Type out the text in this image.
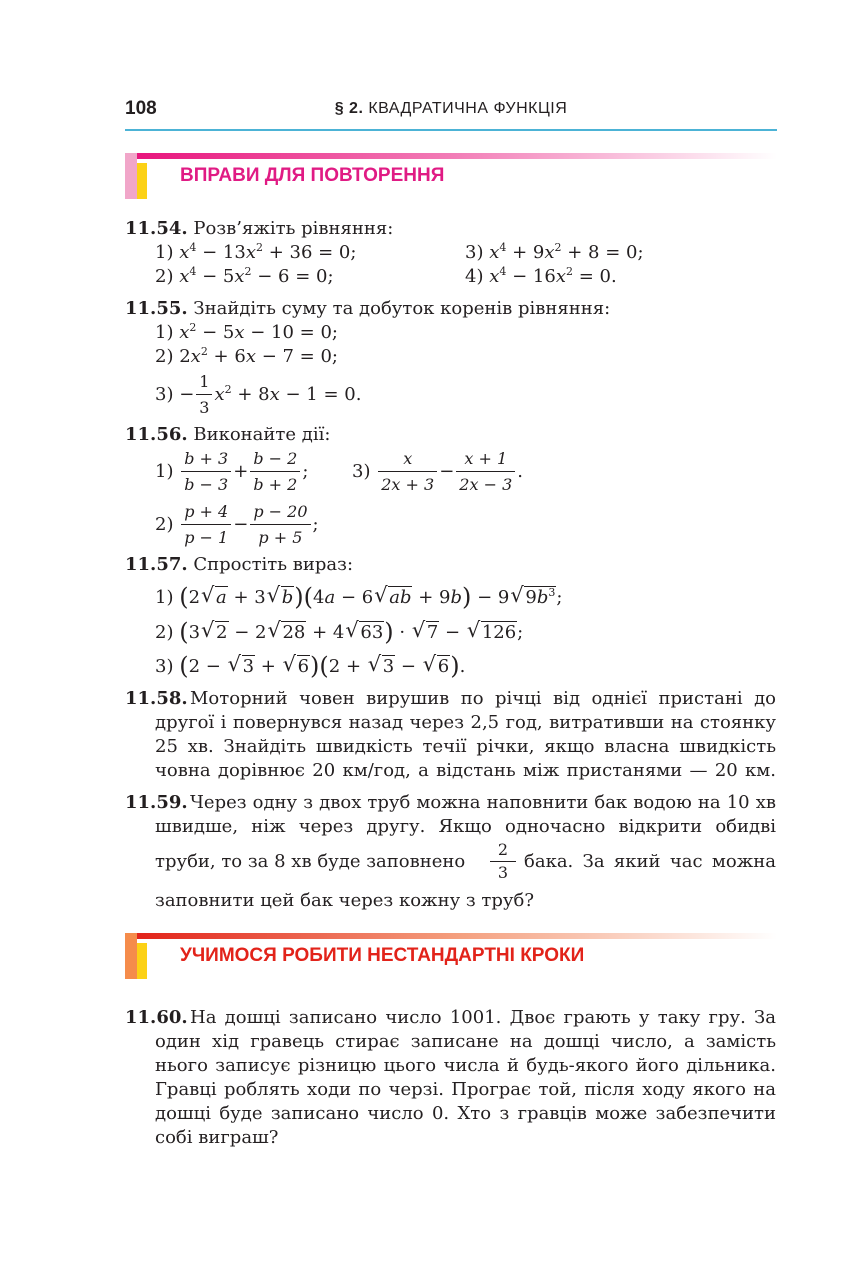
108	§ 2. КВАДРАТИЧНА ФУНКЦІЯ
ВПРАВИ ДЛЯ ПОВТОРЕННЯ
11.54. Розв’яжіть рівняння:
1) $x^4 - 13x^2 + 36 = 0$;	3) $x^4 + 9x^2 + 8 = 0$;
2) $x^4 - 5x^2 - 6 = 0$;	4) $x^4 - 16x^2 = 0$.
11.55. Знайдіть суму та добуток коренів рівняння:
1) $x^2 - 5x - 10 = 0$;
2) $2x^2 + 6x - 7 = 0$;
$3) - \frac{1}{3} x^2 + 8x - 1 = 0$.
11.56. Виконайте дії:
$1) \frac{b + 3}{b - 3} + \frac{b - 2}{b + 2}$ ; $3) \frac{x}{2x + 3} - \frac{x + 1}{2x - 3}$ .
$2) \frac{p + 4}{p - 1} - \frac{p - 20}{p + 5}$ ;
11.57. Спростіть вираз:
1) (2 √ a + 3 √ b)(4a − 6 √ ab + 9b) − 9 √ $9b^3$;
2) (3 √ 2 − 2 √ 28 + 4 √ 63) · √ 7 − √ 126;
3) (2 − √ 3 + √ 6)(2 + √ 3 − √ 6).
11.58. Моторний човен вирушив по річці від однієї пристані до
другої і повернувся назад через 2,5 год, витративши на стоянку
25 хв. Знайдіть швидкість течії річки, якщо власна швидкість
човна дорівнює 20 км/год, а відстань між пристанями — 20 км.
11.59. Через одну з двох труб можна наповнити бак водою на 10 хв
швидше, ніж через другу. Якщо одночасно відкрити обидві
труби, то за 8 хв буде заповнено $\frac{2}{3}$ бака. За який час можна
заповнити цей бак через кожну з труб?
УЧИМОСЯ РОБИТИ НЕСТАНДАРТНІ КРОКИ
11.60. На дошці записано число 1001. Двоє грають у таку гру. За
один хід гравець стирає записане на дошці число, а замість
нього записує різницю цього числа й будь-якого його дільника.
Гравці роблять ходи по черзі. Програє той, після ходу якого на
дошці буде записано число 0. Хто з гравців може забезпечити
собі виграш?
